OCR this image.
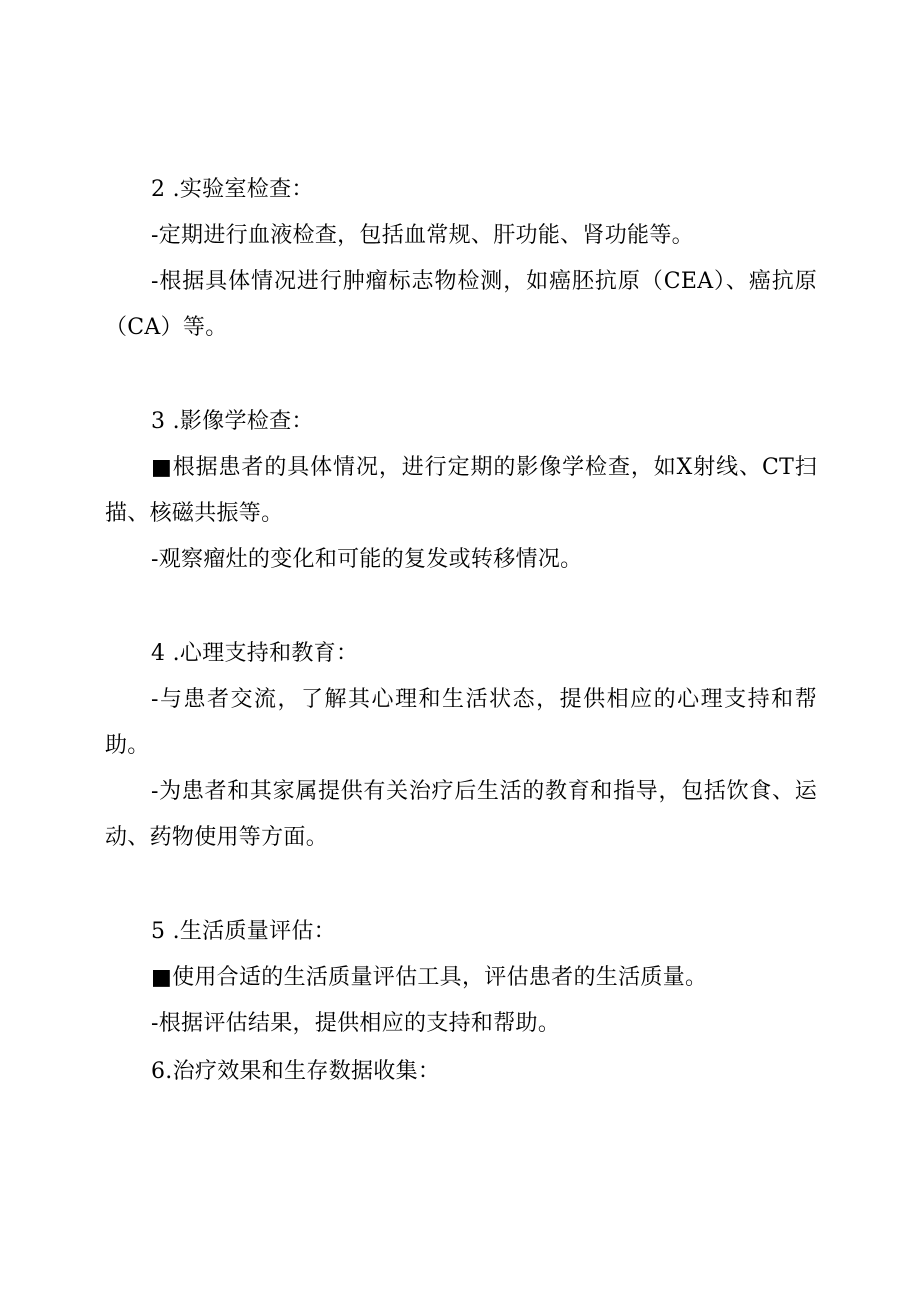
2 .实验室检查：

-定期进行血液检查，包括血常规、肝功能、肾功能等。

-根据具体情况进行肿瘤标志物检测，如癌胚抗原（CEA）、癌抗原（CA）等。

3 .影像学检查：

■根据患者的具体情况，进行定期的影像学检查，如X射线、CT扫描、核磁共振等。

-观察瘤灶的变化和可能的复发或转移情况。

4 .心理支持和教育：

-与患者交流，了解其心理和生活状态，提供相应的心理支持和帮助。

-为患者和其家属提供有关治疗后生活的教育和指导，包括饮食、运动、药物使用等方面。

5 .生活质量评估：

■使用合适的生活质量评估工具，评估患者的生活质量。

-根据评估结果，提供相应的支持和帮助。

6.治疗效果和生存数据收集：
